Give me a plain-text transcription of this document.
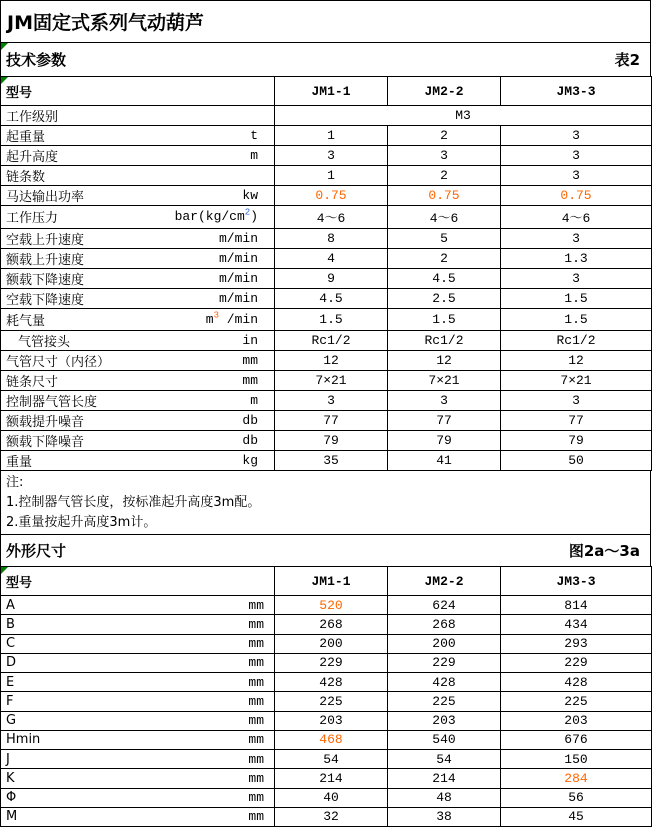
JM固定式系列气动葫芦
技术参数	表2
型号	JM1-1	JM2-2	JM3-3

工作级别	M3		

起重量 t	1	2	3

起升高度 m	3	3	3

链条数	1	2	3

马达输出功率 kw	0.75	0.75	0.75

工作压力 $bar(kg/cm^2)$	4～6	4～6	4～6

空载上升速度 m/min	8	5	3

额载上升速度 m/min	4	2	1.3

额载下降速度 m/min	9	4.5	3

空载下降速度 m/min	4.5	2.5	1.5

耗气量 $m^3$ /min	1.5	1.5	1.5

气管接头 in	Rc1/2	Rc1/2	Rc1/2

气管尺寸（内径） mm	12	12	12

链条尺寸 mm	7×21	7×21	7×21

控制器气管长度 m	3	3	3

额载提升噪音 db	77	77	77

额载下降噪音 db	79	79	79

重量 kg	35	41	50
注:
1.控制器气管长度，按标准起升高度3m配。
2.重量按起升高度3m计。
外形尺寸	图2a～3a
型号	JM1-1	JM2-2	JM3-3

A mm	520	624	814

B mm	268	268	434

C mm	200	200	293

D mm	229	229	229

E mm	428	428	428

F mm	225	225	225

G mm	203	203	203

Hmin mm	468	540	676

J mm	54	54	150

K mm	214	214	284

Φ mm	40	48	56

M mm	32	38	45
